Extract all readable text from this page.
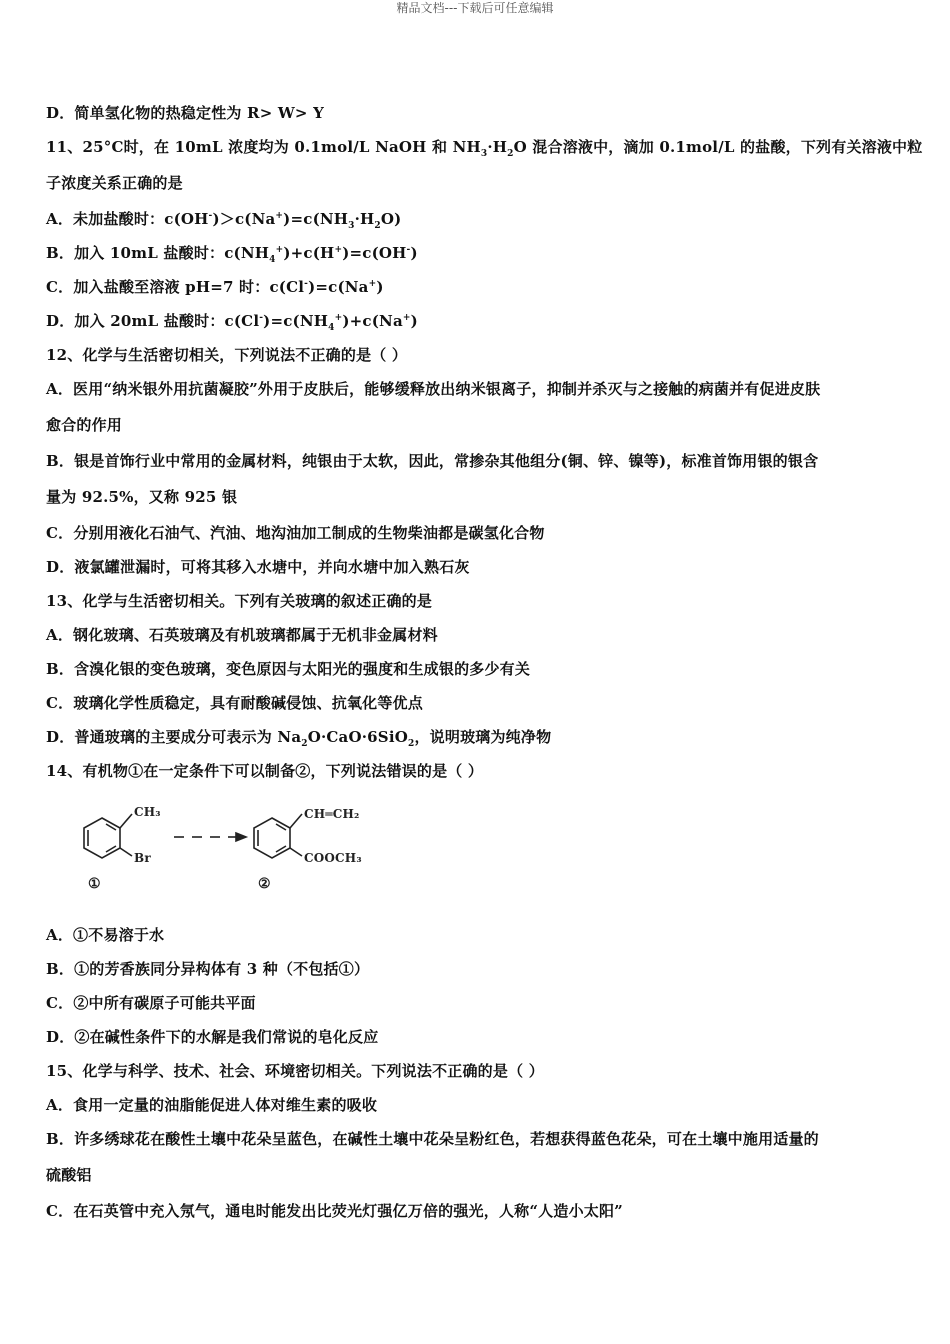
精品文档---下载后可任意编辑
D．简单氢化物的热稳定性为 R> W> Y
11、25°C时，在 10mL 浓度均为 0.1mol/L NaOH 和 $NH_3\cdot H_2O$ 混合溶液中，滴加 0.1mol/L 的盐酸，下列有关溶液中粒
子浓度关系正确的是
A．未加盐酸时：$c(OH^-)>c(Na^+)=c(NH_3\cdot H_2O)$
B．加入 10mL 盐酸时：$c(NH_4^+)+c(H^+)=c(OH^-)$
C．加入盐酸至溶液 pH=7 时：c(Cl-)=c(Na+)
D．加入 20mL 盐酸时：$c(Cl^-)=c(NH_4^+)+c(Na^+)$
12、化学与生活密切相关，下列说法不正确的是（ ）
A．医用“纳米银外用抗菌凝胶”外用于皮肤后，能够缓释放出纳米银离子，抑制并杀灭与之接触的病菌并有促进皮肤
愈合的作用
B．银是首饰行业中常用的金属材料，纯银由于太软，因此，常掺杂其他组分(铜、锌、镍等)，标准首饰用银的银含
量为 92.5%，又称 925 银
C．分别用液化石油气、汽油、地沟油加工制成的生物柴油都是碳氢化合物
D．液氯罐泄漏时，可将其移入水塘中，并向水塘中加入熟石灰
13、化学与生活密切相关。下列有关玻璃的叙述正确的是
A．钢化玻璃、石英玻璃及有机玻璃都属于无机非金属材料
B．含溴化银的变色玻璃，变色原因与太阳光的强度和生成银的多少有关
C．玻璃化学性质稳定，具有耐酸碱侵蚀、抗氧化等优点
D．普通玻璃的主要成分可表示为 $Na_2O\cdot CaO\cdot 6SiO_2$，说明玻璃为纯净物
14、有机物①在一定条件下可以制备②，下列说法错误的是（ ）
CH₃
Br
①
CH═CH₂
COOCH₃
②
A．①不易溶于水
B．①的芳香族同分异构体有 3 种（不包括①）
C．②中所有碳原子可能共平面
D．②在碱性条件下的水解是我们常说的皂化反应
15、化学与科学、技术、社会、环境密切相关。下列说法不正确的是（ ）
A．食用一定量的油脂能促进人体对维生素的吸收
B．许多绣球花在酸性土壤中花朵呈蓝色，在碱性土壤中花朵呈粉红色，若想获得蓝色花朵，可在土壤中施用适量的
硫酸铝
C．在石英管中充入氖气，通电时能发出比荧光灯强亿万倍的强光，人称“人造小太阳”
